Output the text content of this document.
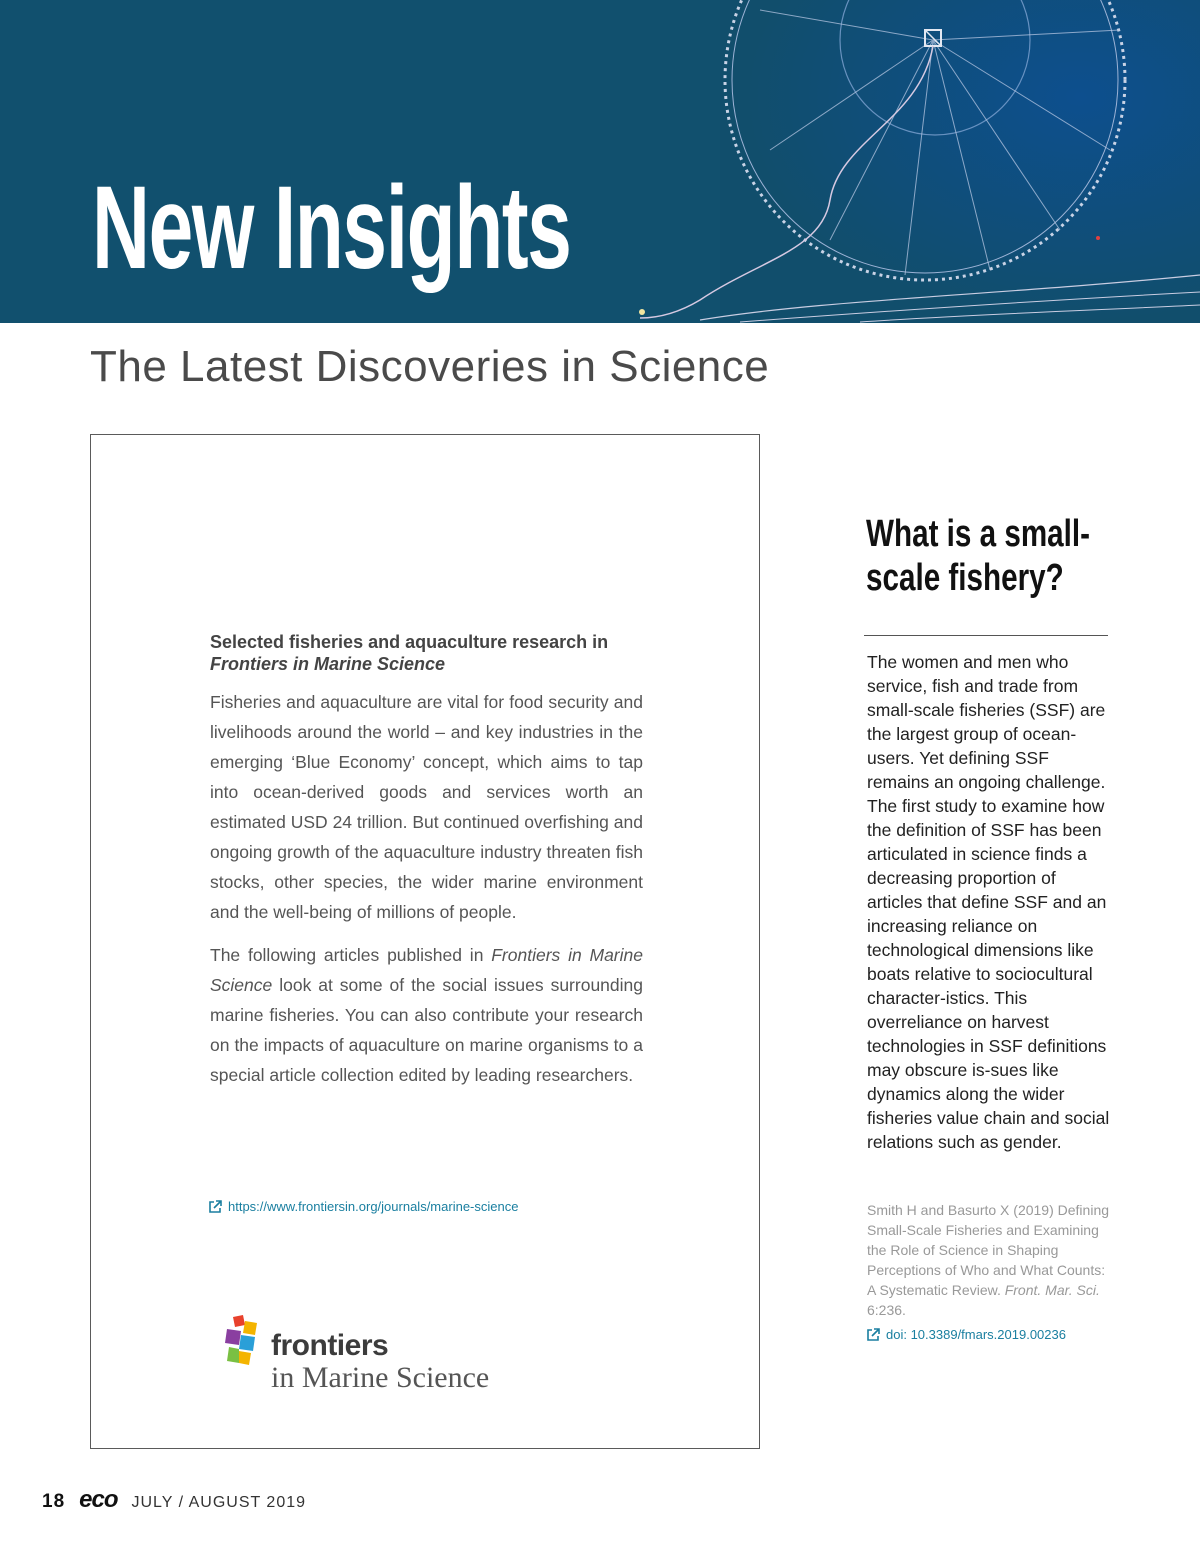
New Insights
The Latest Discoveries in Science
Selected fisheries and aquaculture research in
Frontiers in Marine Science

Fisheries and aquaculture are vital for food security and livelihoods around the world – and key industries in the emerging ‘Blue Economy’ concept, which aims to tap into ocean-derived goods and services worth an estimated USD 24 trillion. But continued overfishing and ongoing growth of the aquaculture industry threaten fish stocks, other species, the wider marine environment and the well-being of millions of people.

The following articles published in Frontiers in Marine Science look at some of the social issues surrounding marine fisheries. You can also contribute your research on the impacts of aquaculture on marine organisms to a special article collection edited by leading researchers.

https://www.frontiersin.org/journals/marine-science
frontiers
in Marine Science
What is a small-
scale fishery?
The women and men who service, fish and trade from small-scale fisheries (SSF) are the largest group of ocean-users. Yet defining SSF remains an ongoing challenge. The first study to examine how the definition of SSF has been articulated in science finds a decreasing proportion of articles that define SSF and an increasing reliance on technological dimensions like boats relative to sociocultural character-istics. This overreliance on harvest technologies in SSF definitions may obscure is-sues like dynamics along the wider fisheries value chain and social relations such as gender.
Smith H and Basurto X (2019) Defining Small-Scale Fisheries and Examining the Role of Science in Shaping Perceptions of Who and What Counts: A Systematic Review. Front. Mar. Sci. 6:236.
doi: 10.3389/fmars.2019.00236
18 eco JULY / AUGUST 2019
